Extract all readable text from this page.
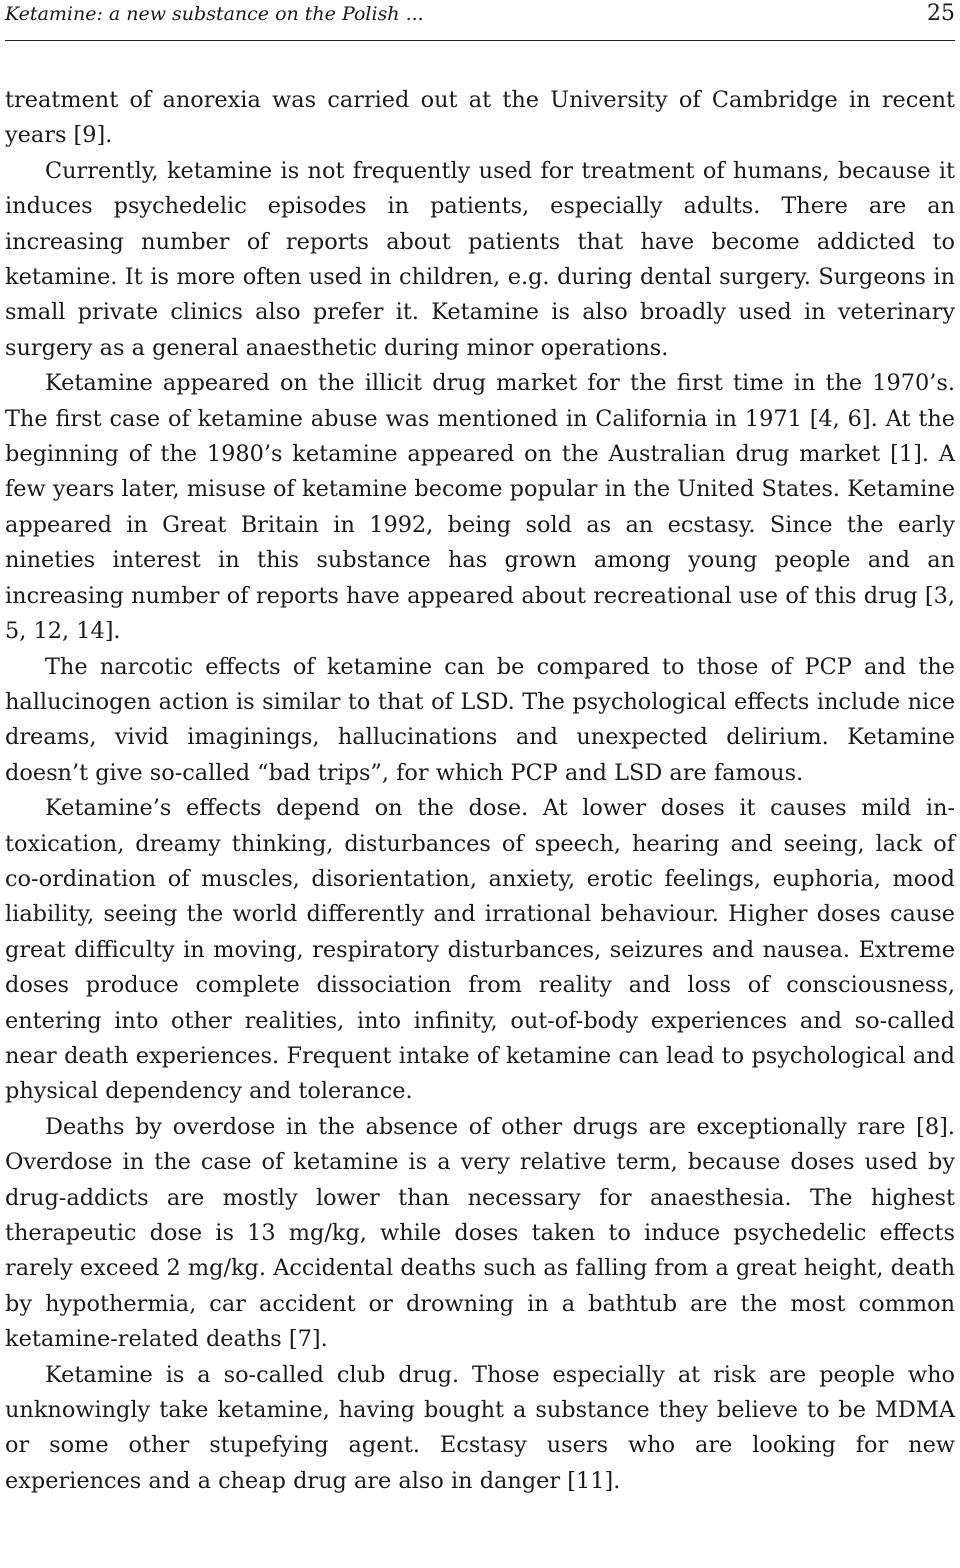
Ketamine: a new substance on the Polish ...	25

treatment of anorexia was carried out at the University of Cambridge in recent years [9].

Currently, ketamine is not frequently used for treatment of humans, because it induces psychedelic episodes in patients, especially adults. There are an increasing number of reports about patients that have become addicted to ketamine. It is more often used in children, e.g. during dental surgery. Surgeons in small private clinics also prefer it. Ketamine is also broadly used in veterinary surgery as a general anaesthetic during minor operations.

Ketamine appeared on the illicit drug market for the first time in the 1970’s. The first case of ketamine abuse was mentioned in California in 1971 [4, 6]. At the beginning of the 1980’s ketamine appeared on the Australian drug market [1]. A few years later, misuse of ketamine become popular in the United States. Ketamine appeared in Great Britain in 1992, being sold as an ecstasy. Since the early nineties interest in this substance has grown among young people and an increasing number of reports have appeared about recreational use of this drug [3, 5, 12, 14].

The narcotic effects of ketamine can be compared to those of PCP and the hallucinogen action is similar to that of LSD. The psychological effects include nice dreams, vivid imaginings, hallucinations and unexpected delirium. Ketamine doesn’t give so-called “bad trips”, for which PCP and LSD are famous.

Ketamine’s effects depend on the dose. At lower doses it causes mild intoxication, dreamy thinking, disturbances of speech, hearing and seeing, lack of co-ordination of muscles, disorientation, anxiety, erotic feelings, euphoria, mood liability, seeing the world differently and irrational behaviour. Higher doses cause great difficulty in moving, respiratory disturbances, seizures and nausea. Extreme doses produce complete dissociation from reality and loss of consciousness, entering into other realities, into infinity, out-of-body experiences and so-called near death experiences. Frequent intake of ketamine can lead to psychological and physical dependency and tolerance.

Deaths by overdose in the absence of other drugs are exceptionally rare [8]. Overdose in the case of ketamine is a very relative term, because doses used by drug-addicts are mostly lower than necessary for anaesthesia. The highest therapeutic dose is 13 mg/kg, while doses taken to induce psychedelic effects rarely exceed 2 mg/kg. Accidental deaths such as falling from a great height, death by hypothermia, car accident or drowning in a bathtub are the most common ketamine-related deaths [7].

Ketamine is a so-called club drug. Those especially at risk are people who unknowingly take ketamine, having bought a substance they believe to be MDMA or some other stupefying agent. Ecstasy users who are looking for new experiences and a cheap drug are also in danger [11].
